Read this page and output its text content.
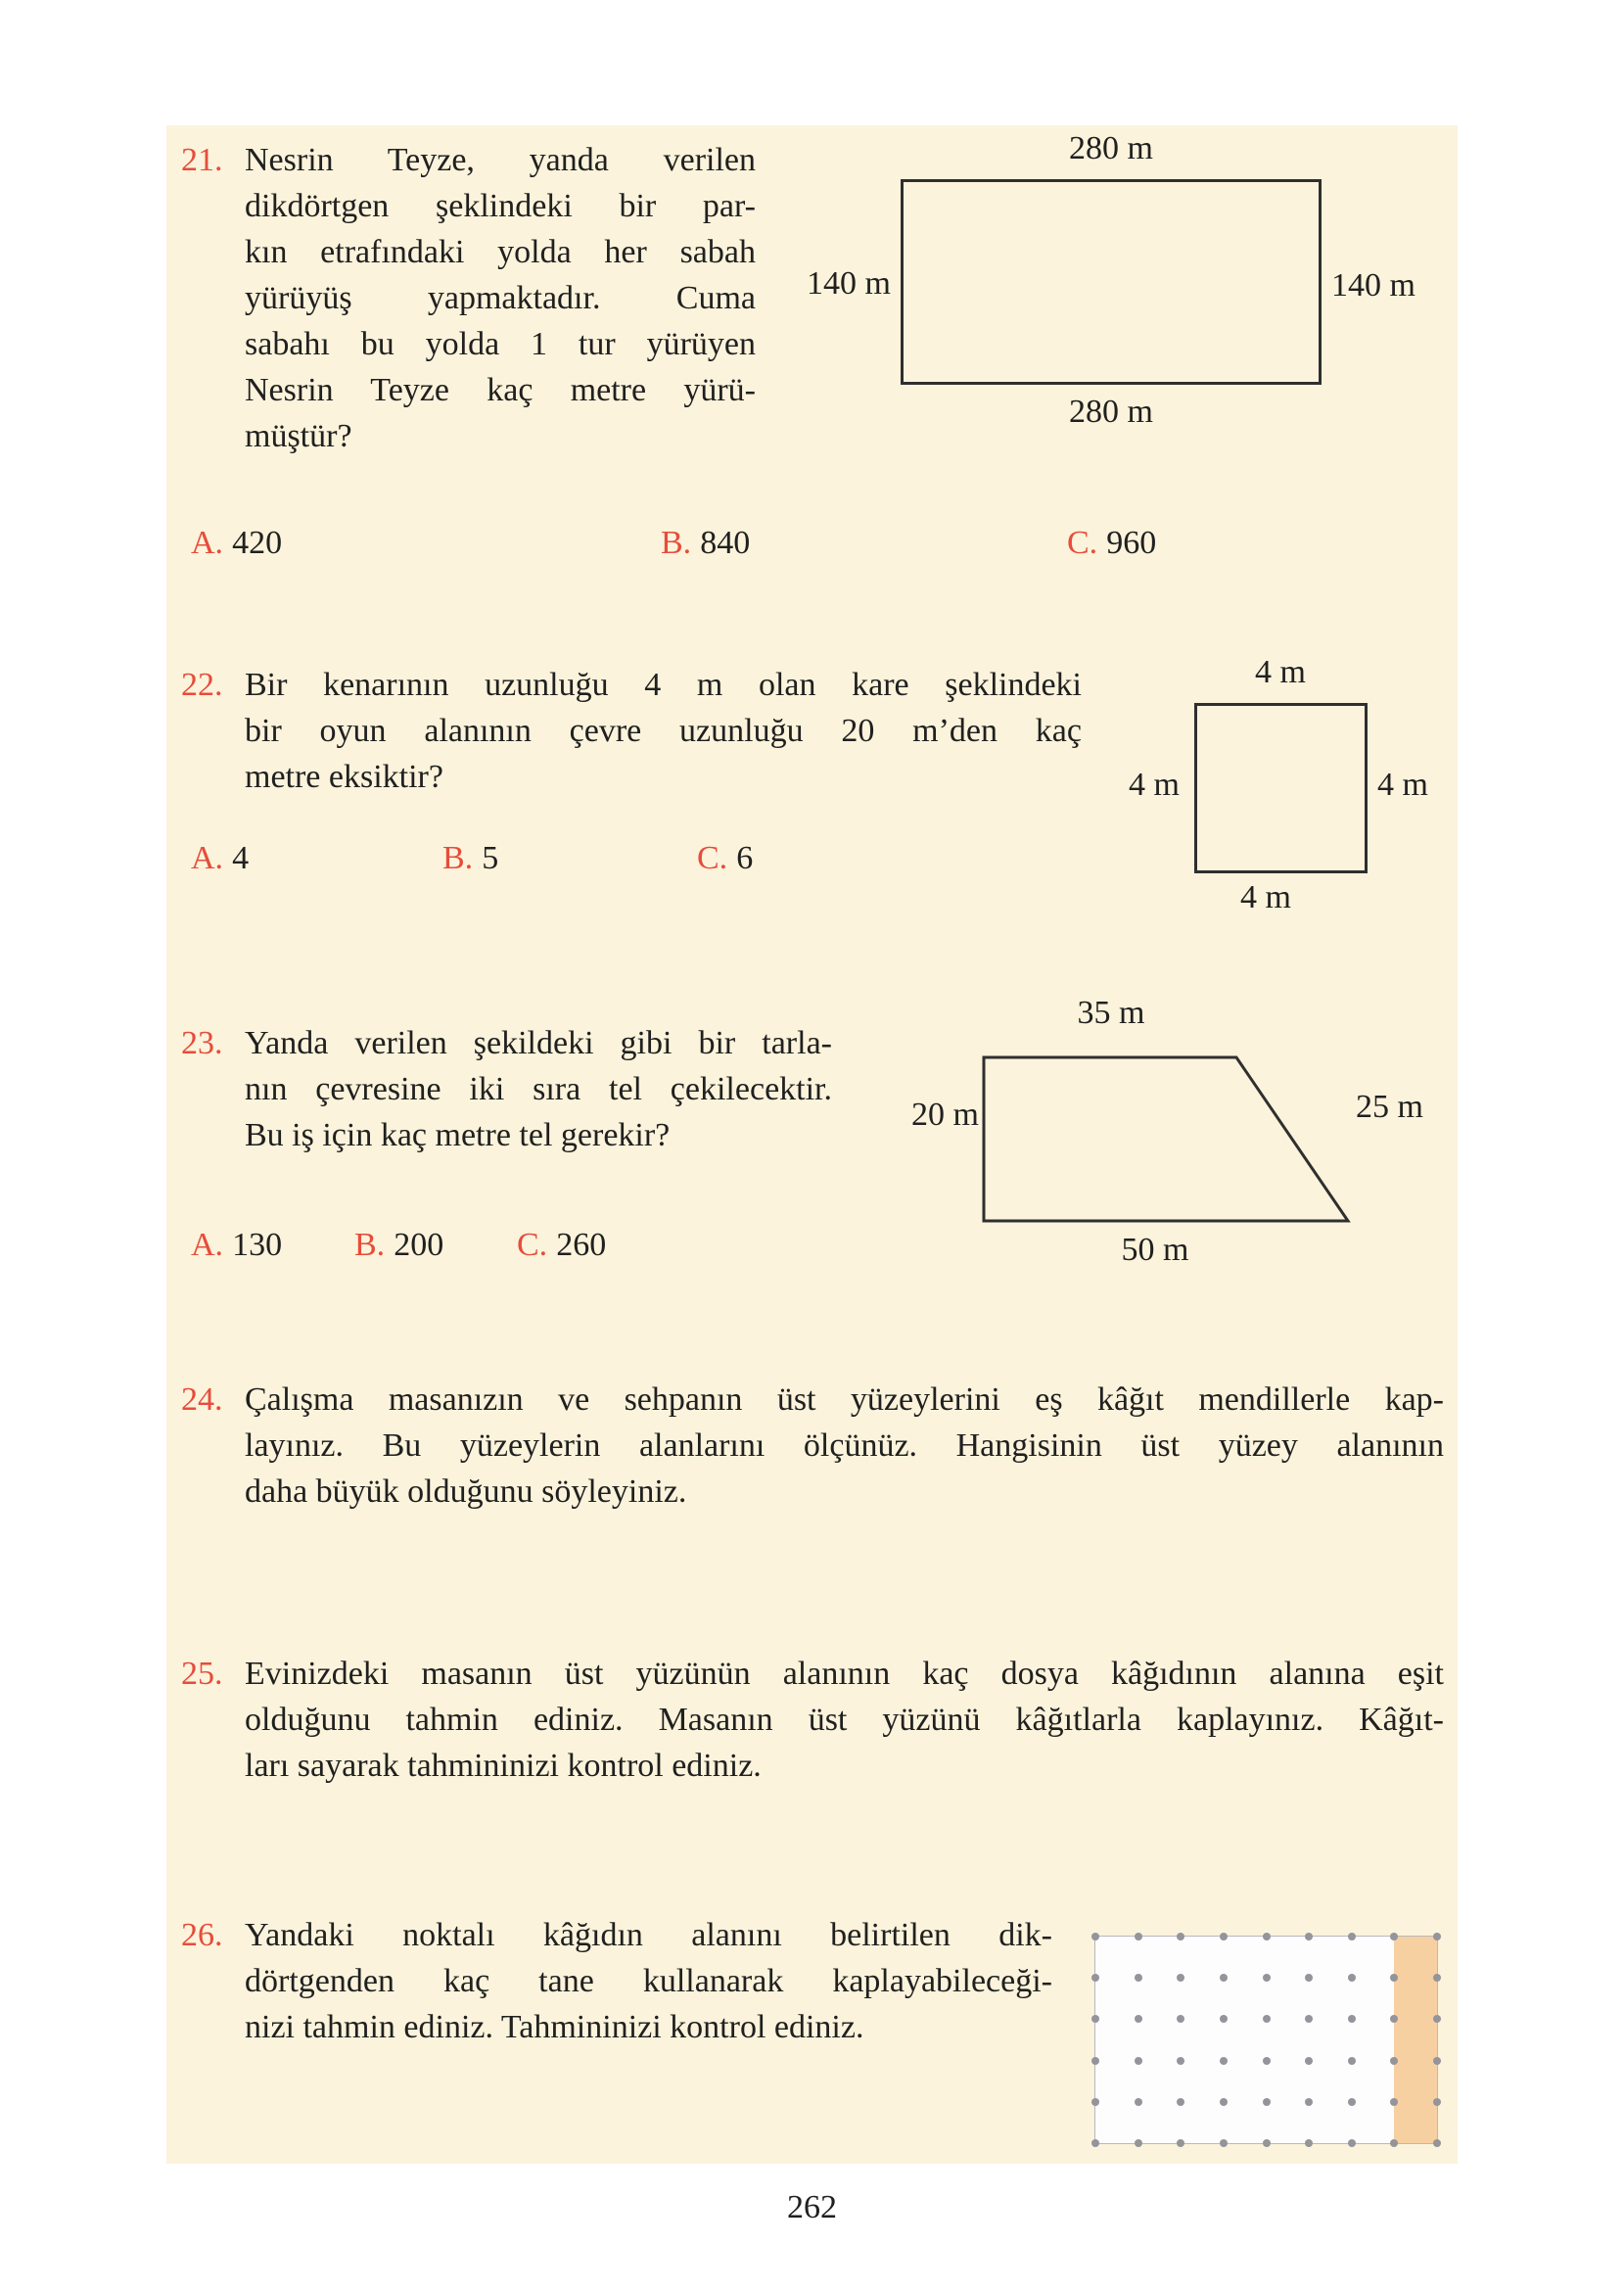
21. Nesrin Teyze, yanda verilen
dikdörtgen şeklindeki bir par-
kın etrafındaki yolda her sabah
yürüyüş yapmaktadır. Cuma
sabahı bu yolda 1 tur yürüyen
Nesrin Teyze kaç metre yürü-
müştür?
280 m
280 m
140 m	140 m
A. 420	B. 840	C. 960
22. Bir kenarının uzunluğu 4 m olan kare şeklindeki
bir oyun alanının çevre uzunluğu 20 m’den kaç
metre eksiktir?
4 m
4 m
4 m	4 m
A. 4	B. 5	C. 6
23. Yanda verilen şekildeki gibi bir tarla-
nın çevresine iki sıra tel çekilecektir.
Bu iş için kaç metre tel gerekir?
35 m
20 m	25 m
50 m
A. 130 B. 200 C. 260
24. Çalışma masanızın ve sehpanın üst yüzeylerini eş kâğıt mendillerle kap-
layınız. Bu yüzeylerin alanlarını ölçünüz. Hangisinin üst yüzey alanının
daha büyük olduğunu söyleyiniz.
25. Evinizdeki masanın üst yüzünün alanının kaç dosya kâğıdının alanına eşit
olduğunu tahmin ediniz. Masanın üst yüzünü kâğıtlarla kaplayınız. Kâğıt-
ları sayarak tahmininizi kontrol ediniz.
26. Yandaki noktalı kâğıdın alanını belirtilen dik-
dörtgenden kaç tane kullanarak kaplayabileceği-
nizi tahmin ediniz. Tahmininizi kontrol ediniz.
262
